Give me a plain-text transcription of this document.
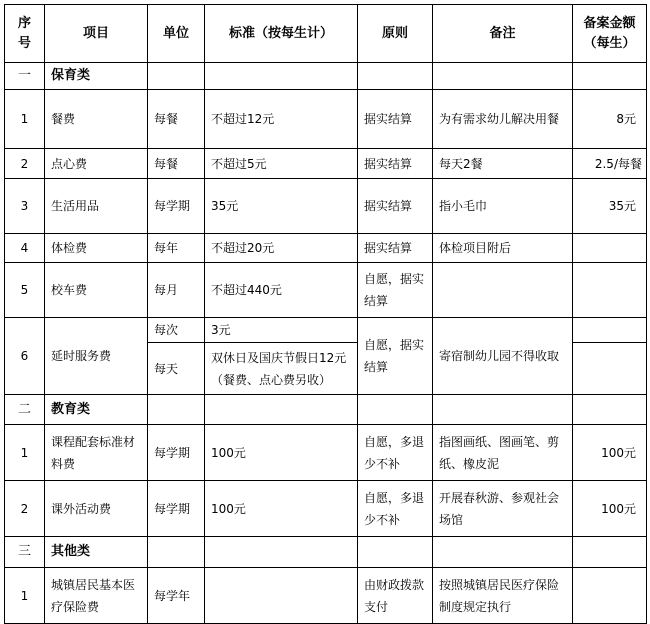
序号	项目	单位	标准（按每生计）	原则	备注	备案金额（每生）
一	保育类					
1	餐费	每餐	不超过12元	据实结算	为有需求幼儿解决用餐	8元
2	点心费	每餐	不超过5元	据实结算	每天2餐	2.5/每餐
3	生活用品	每学期	35元	据实结算	指小毛巾	35元
4	体检费	每年	不超过20元	据实结算	体检项目附后	
5	校车费	每月	不超过440元	自愿，据实结算		
6	延时服务费	每次	3元	自愿，据实结算	寄宿制幼儿园不得收取	
		每天	双休日及国庆节假日12元（餐费、点心费另收）			
二	教育类					
1	课程配套标准材料费	每学期	100元	自愿，多退少不补	指图画纸、图画笔、剪纸、橡皮泥	100元
2	课外活动费	每学期	100元	自愿，多退少不补	开展春秋游、参观社会场馆	100元
三	其他类					
1	城镇居民基本医疗保险费	每学年		由财政拨款支付	按照城镇居民医疗保险制度规定执行	
